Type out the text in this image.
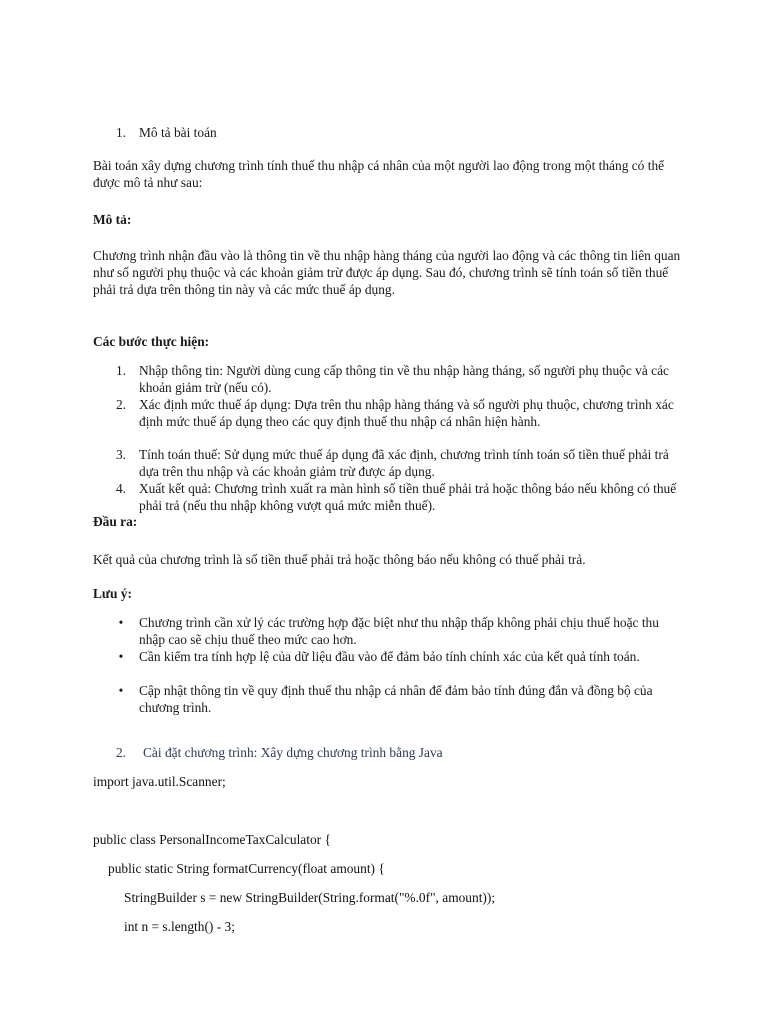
1. Mô tả bài toán

Bài toán xây dựng chương trình tính thuế thu nhập cá nhân của một người lao động trong một tháng có thể được mô tả như sau:

Mô tả:

Chương trình nhận đầu vào là thông tin về thu nhập hàng tháng của người lao động và các thông tin liên quan như số người phụ thuộc và các khoản giảm trừ được áp dụng. Sau đó, chương trình sẽ tính toán số tiền thuế phải trả dựa trên thông tin này và các mức thuế áp dụng.

Các bước thực hiện:

1. Nhập thông tin: Người dùng cung cấp thông tin về thu nhập hàng tháng, số người phụ thuộc và các khoản giảm trừ (nếu có).
2. Xác định mức thuế áp dụng: Dựa trên thu nhập hàng tháng và số người phụ thuộc, chương trình xác định mức thuế áp dụng theo các quy định thuế thu nhập cá nhân hiện hành.
3. Tính toán thuế: Sử dụng mức thuế áp dụng đã xác định, chương trình tính toán số tiền thuế phải trả dựa trên thu nhập và các khoản giảm trừ được áp dụng.
4. Xuất kết quả: Chương trình xuất ra màn hình số tiền thuế phải trả hoặc thông báo nếu không có thuế phải trả (nếu thu nhập không vượt quá mức miễn thuế).

Đầu ra:

Kết quả của chương trình là số tiền thuế phải trả hoặc thông báo nếu không có thuế phải trả.

Lưu ý:

• Chương trình cần xử lý các trường hợp đặc biệt như thu nhập thấp không phải chịu thuế hoặc thu nhập cao sẽ chịu thuế theo mức cao hơn.
• Cần kiểm tra tính hợp lệ của dữ liệu đầu vào để đảm bảo tính chính xác của kết quả tính toán.
• Cập nhật thông tin về quy định thuế thu nhập cá nhân để đảm bảo tính đúng đắn và đồng bộ của chương trình.
2. Cài đặt chương trình: Xây dựng chương trình bằng Java

import java.util.Scanner;

public class PersonalIncomeTaxCalculator {

public static String formatCurrency(float amount) {

StringBuilder s = new StringBuilder(String.format("%.0f", amount));

int n = s.length() - 3;
